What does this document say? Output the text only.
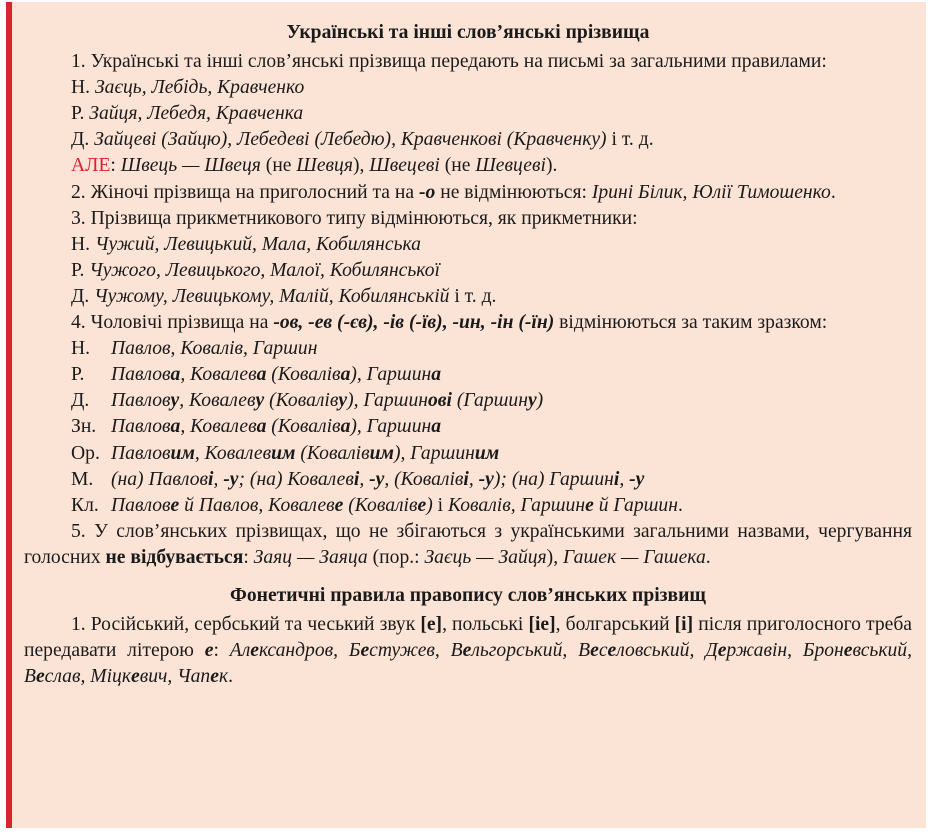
Українські та інші слов’янські прізвища
1. Українські та інші слов’янські прізвища передають на письмі за загальними правилами:
Н. Заєць, Лебідь, Кравченко
Р. Зайця, Лебедя, Кравченка
Д. Зайцеві (Зайцю), Лебедеві (Лебедю), Кравченкові (Кравченку) і т. д.
АЛЕ: Швець — Швеця (не Шевця), Швецеві (не Шевцеві).
2. Жіночі прізвища на приголосний та на -о не відмінюються: Ірині Білик, Юлії Тимошенко.
3. Прізвища прикметникового типу відмінюються, як прикметники:
Н. Чужий, Левицький, Мала, Кобилянська
Р. Чужого, Левицького, Малої, Кобилянської
Д. Чужому, Левицькому, Малій, Кобилянській і т. д.
4. Чоловічі прізвища на -ов, -ев (-єв), -ів (-їв), -ин, -ін (-їн) відмінюються за таким зразком:
Н. Павлов, Ковалів, Гаршин
Р. Павлова, Ковалева (Коваліва), Гаршина
Д. Павлову, Ковалеву (Коваліву), Гаршинові (Гаршину)
Зн. Павлова, Ковалева (Коваліва), Гаршина
Ор. Павловим, Ковалевим (Ковалівим), Гаршиним
М. (на) Павлові, -у; (на) Ковалеві, -у, (Коваліві, -у); (на) Гаршині, -у
Кл. Павлове й Павлов, Ковалеве (Коваліве) і Ковалів, Гаршине й Гаршин.
5. У слов’янських прізвищах, що не збігаються з українськими загальними назвами, чергування голосних не відбувається: Заяц — Заяца (пор.: Заєць — Зайця), Гашек — Гашека.
Фонетичні правила правопису слов’янських прізвищ
1. Російський, сербський та чеський звук [е], польські [ie], болгарський [і] після приголосного треба передавати літерою е: Александров, Бестужев, Вельгорський, Веселовський, Державін, Броневський, Веслав, Міцкевич, Чапек.
